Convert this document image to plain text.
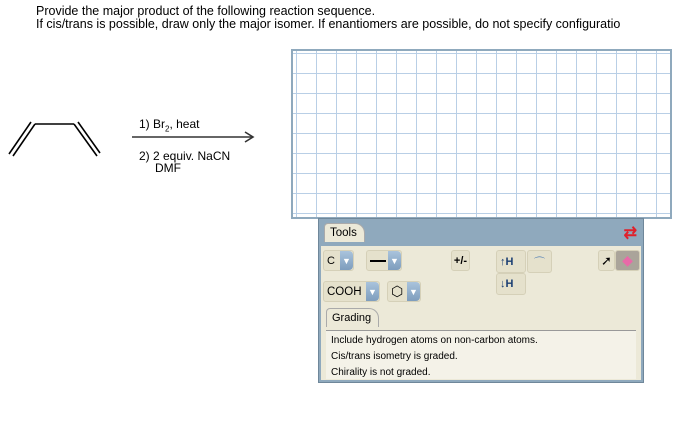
Provide the major product of the following reaction sequence.
If cis/trans is possible, draw only the major isomer. If enantiomers are possible, do not specify configuratio
1) $Br_2$, heat
2) 2 equiv. NaCN
DMF
Tools	⇄
C ▼	▼	+/-	↑ H ⌒
↓ H
➚ ◆
COOH ▼ ⬡ ▼
Grading
Include hydrogen atoms on non-carbon atoms.
Cis/trans isometry is graded.
Chirality is not graded.
